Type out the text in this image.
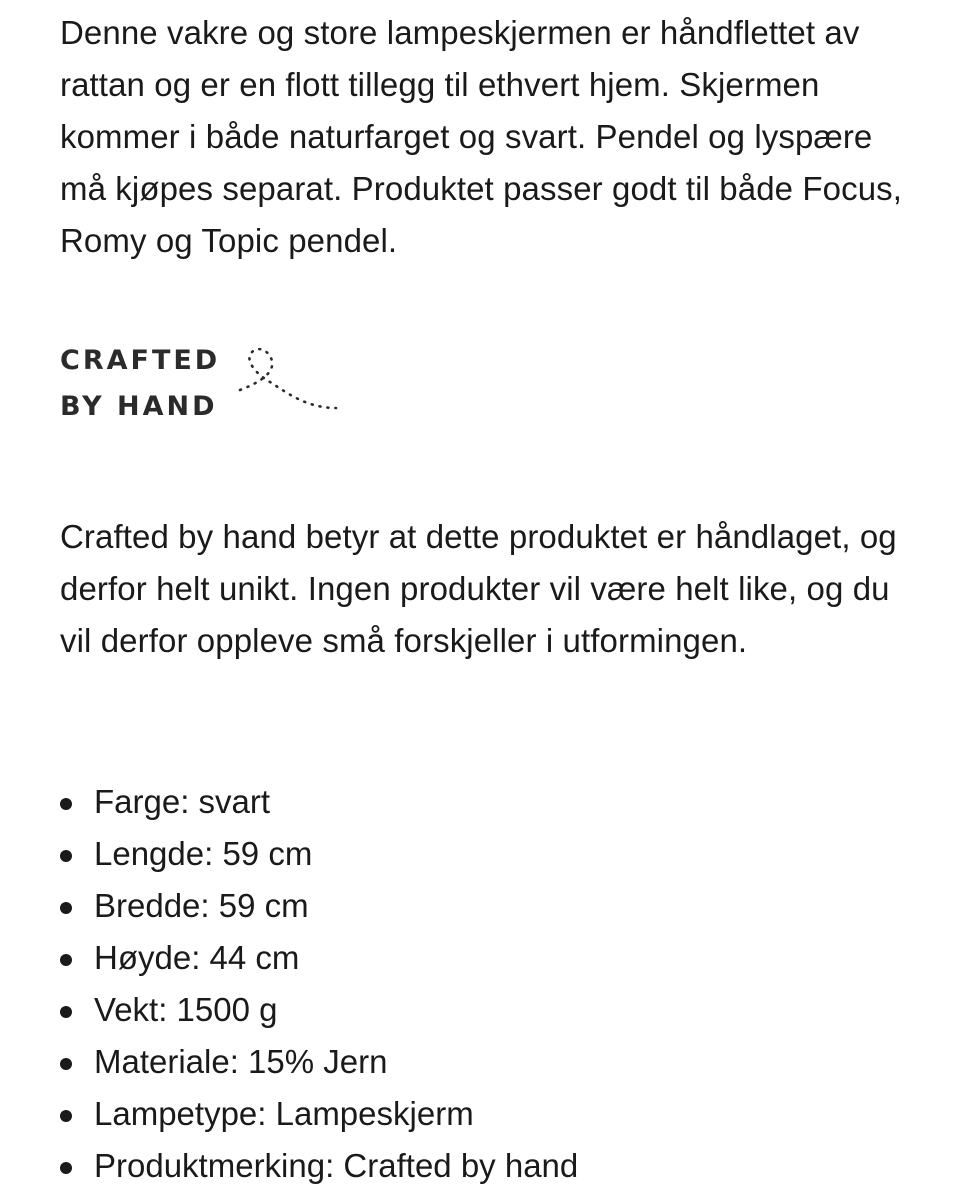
Denne vakre og store lampeskjermen er håndflettet av rattan og er en flott tillegg til ethvert hjem. Skjermen kommer i både naturfarget og svart. Pendel og lyspære må kjøpes separat. Produktet passer godt til både Focus, Romy og Topic pendel.

CRAFTED
BY HAND

Crafted by hand betyr at dette produktet er håndlaget, og derfor helt unikt. Ingen produkter vil være helt like, og du vil derfor oppleve små forskjeller i utformingen.

Farge: svart
Lengde: 59 cm
Bredde: 59 cm
Høyde: 44 cm
Vekt: 1500 g
Materiale: 15% Jern
Lampetype: Lampeskjerm
Produktmerking: Crafted by hand
